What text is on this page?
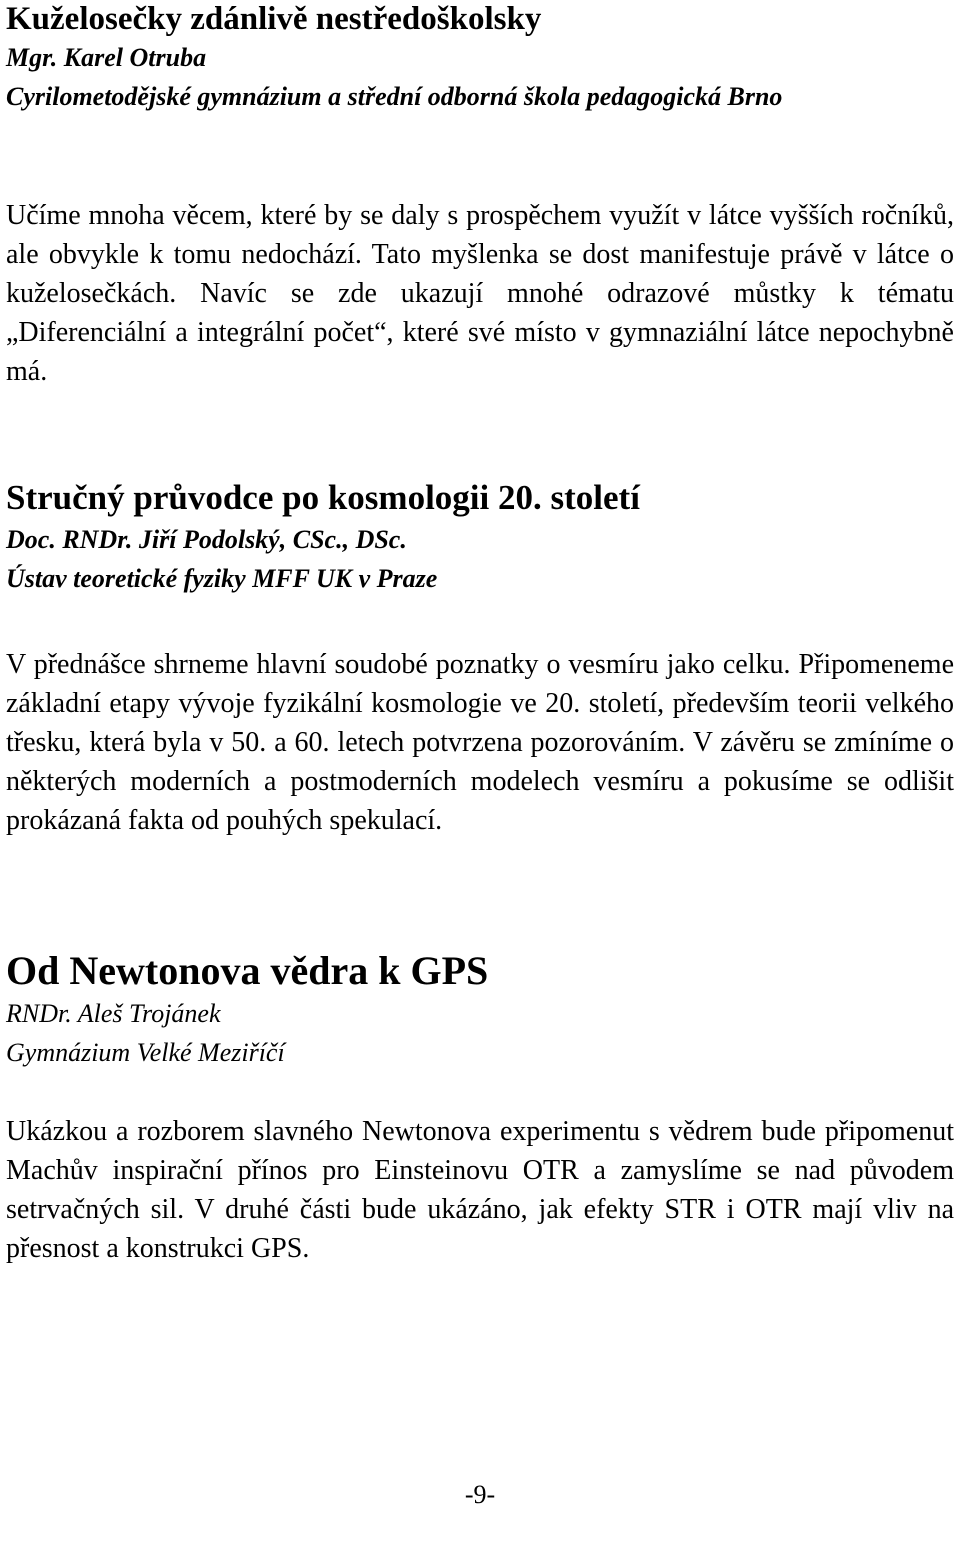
Kuželosečky zdánlivě nestředoškolsky

Mgr. Karel Otruba

Cyrilometodějské gymnázium a střední odborná škola pedagogická Brno

Učíme mnoha věcem, které by se daly s prospěchem využít v látce vyšších ročníků, ale obvykle k tomu nedochází. Tato myšlenka se dost manifestuje právě v látce o kuželosečkách. Navíc se zde ukazují mnohé odrazové můstky k tématu „Diferenciální a integrální počet“, které své místo v gymnaziální látce nepochybně má.

Stručný průvodce po kosmologii 20. století

Doc. RNDr. Jiří Podolský, CSc., DSc.

Ústav teoretické fyziky MFF UK v Praze

V přednášce shrneme hlavní soudobé poznatky o vesmíru jako celku. Připomeneme základní etapy vývoje fyzikální kosmologie ve 20. století, především teorii velkého třesku, která byla v 50. a 60. letech potvrzena pozorováním. V závěru se zmíníme o některých moderních a postmoderních modelech vesmíru a pokusíme se odlišit prokázaná fakta od pouhých spekulací.

Od Newtonova vědra k GPS

RNDr. Aleš Trojánek

Gymnázium Velké Meziříčí

Ukázkou a rozborem slavného Newtonova experimentu s vědrem bude připomenut Machův inspirační přínos pro Einsteinovu OTR a zamyslíme se nad původem setrvačných sil. V druhé části bude ukázáno, jak efekty STR i OTR mají vliv na přesnost a konstrukci GPS.

-9-
